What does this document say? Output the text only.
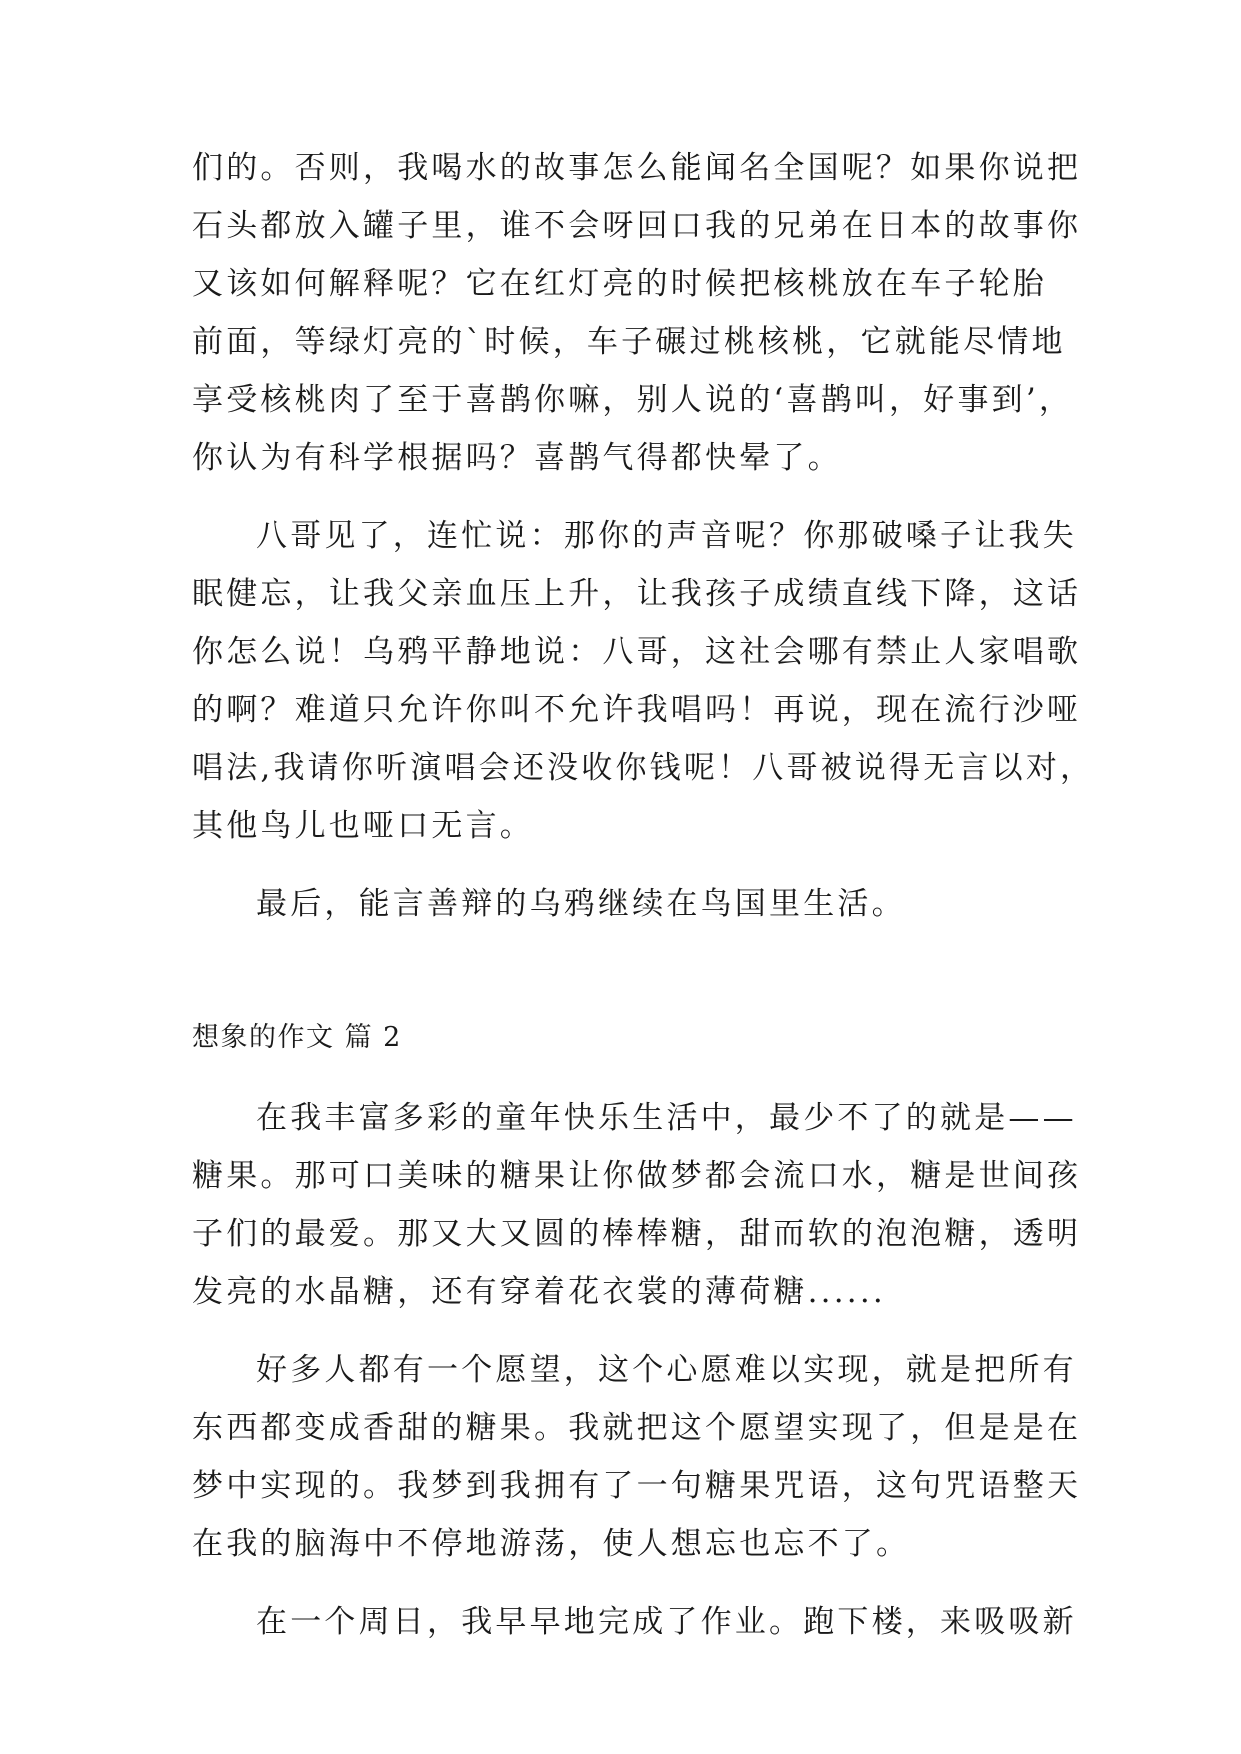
们的。否则，我喝水的故事怎么能闻名全国呢？如果你说把
石头都放入罐子里，谁不会呀回口我的兄弟在日本的故事你
又该如何解释呢？它在红灯亮的时候把核桃放在车子轮胎
前面，等绿灯亮的`时候，车子碾过桃核桃，它就能尽情地
享受核桃肉了至于喜鹊你嘛，别人说的‘喜鹊叫，好事到’，
你认为有科学根据吗？喜鹊气得都快晕了。
八哥见了，连忙说：那你的声音呢？你那破嗓子让我失
眠健忘，让我父亲血压上升，让我孩子成绩直线下降，这话
你怎么说！乌鸦平静地说：八哥，这社会哪有禁止人家唱歌
的啊？难道只允许你叫不允许我唱吗！再说，现在流行沙哑
唱法,我请你听演唱会还没收你钱呢！八哥被说得无言以对，
其他鸟儿也哑口无言。
最后，能言善辩的乌鸦继续在鸟国里生活。
想象的作文 篇 2
在我丰富多彩的童年快乐生活中，最少不了的就是——
糖果。那可口美味的糖果让你做梦都会流口水，糖是世间孩
子们的最爱。那又大又圆的棒棒糖，甜而软的泡泡糖，透明
发亮的水晶糖，还有穿着花衣裳的薄荷糖......
好多人都有一个愿望，这个心愿难以实现，就是把所有
东西都变成香甜的糖果。我就把这个愿望实现了，但是是在
梦中实现的。我梦到我拥有了一句糖果咒语，这句咒语整天
在我的脑海中不停地游荡，使人想忘也忘不了。
在一个周日，我早早地完成了作业。跑下楼，来吸吸新
